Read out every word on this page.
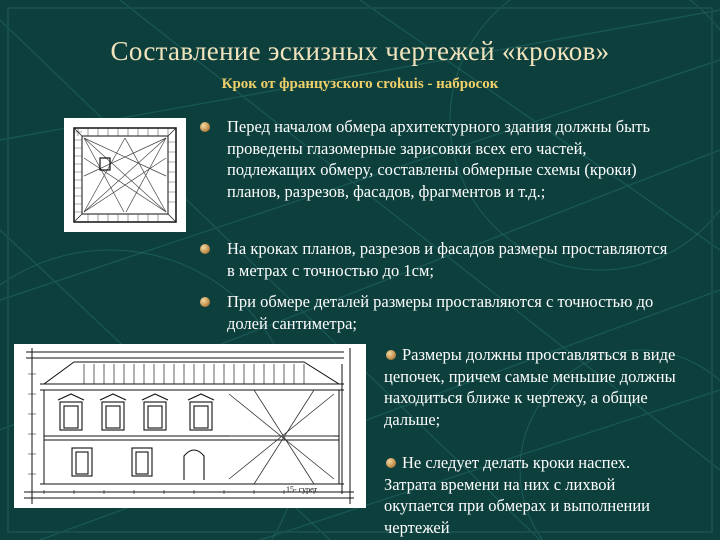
Составление эскизных чертежей «кроков»
Крок от французского crokuis - набросок
15- сурет
Перед началом обмера архитектурного здания должны быть проведены глазомерные зарисовки всех его частей, подлежащих обмеру, составлены обмерные схемы (кроки) планов, разрезов, фасадов, фрагментов и т.д.;
На кроках планов, разрезов и фасадов размеры проставляются в метрах с точностью до 1см;
При обмере деталей размеры проставляются с точностью до долей сантиметра;
Размеры должны проставляться в виде цепочек, причем самые меньшие должны находиться ближе к чертежу, а общие дальше;
Не следует делать кроки наспех. Затрата времени на них с лихвой окупается при обмерах и выполнении чертежей
